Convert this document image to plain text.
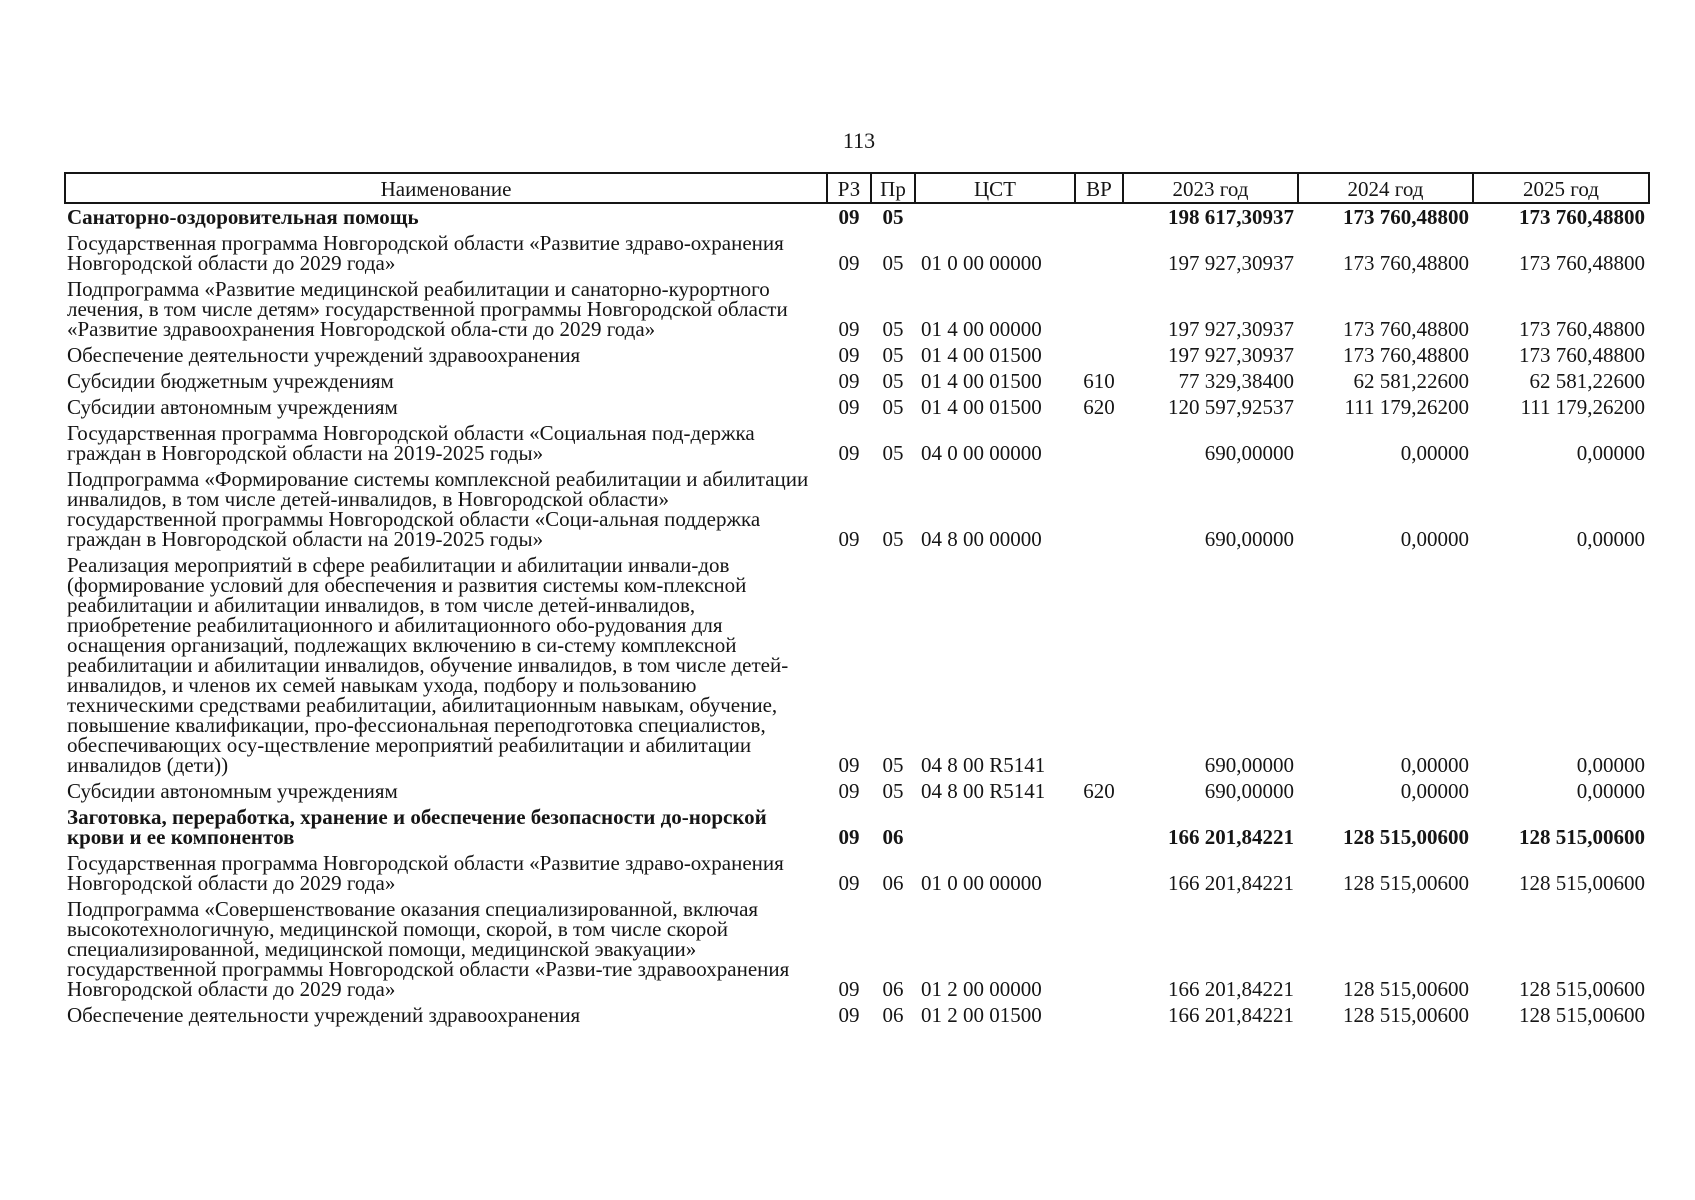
113
Наименование	РЗ	Пр	ЦСТ	ВР	2023 год	2024 год	2025 год
Санаторно-оздоровительная помощь	09	05			198 617,30937	173 760,48800	173 760,48800
Государственная программа Новгородской области «Развитие здраво-охранения Новгородской области до 2029 года»	09	05	01 0 00 00000		197 927,30937	173 760,48800	173 760,48800
Подпрограмма «Развитие медицинской реабилитации и санаторно-курортного лечения, в том числе детям» государственной программы Новгородской области «Развитие здравоохранения Новгородской обла-сти до 2029 года»	09	05	01 4 00 00000		197 927,30937	173 760,48800	173 760,48800
Обеспечение деятельности учреждений здравоохранения	09	05	01 4 00 01500		197 927,30937	173 760,48800	173 760,48800
Субсидии бюджетным учреждениям	09	05	01 4 00 01500	610	77 329,38400	62 581,22600	62 581,22600
Субсидии автономным учреждениям	09	05	01 4 00 01500	620	120 597,92537	111 179,26200	111 179,26200
Государственная программа Новгородской области «Социальная под-держка граждан в Новгородской области на 2019-2025 годы»	09	05	04 0 00 00000		690,00000	0,00000	0,00000
Подпрограмма «Формирование системы комплексной реабилитации и абилитации инвалидов, в том числе детей-инвалидов, в Новгородской области» государственной программы Новгородской области «Соци-альная поддержка граждан в Новгородской области на 2019-2025 годы»	09	05	04 8 00 00000		690,00000	0,00000	0,00000
Реализация мероприятий в сфере реабилитации и абилитации инвали-дов (формирование условий для обеспечения и развития системы ком-плексной реабилитации и абилитации инвалидов, в том числе детей-инвалидов, приобретение реабилитационного и абилитационного обо-рудования для оснащения организаций, подлежащих включению в си-стему комплексной реабилитации и абилитации инвалидов, обучение инвалидов, в том числе детей-инвалидов, и членов их семей навыкам ухода, подбору и пользованию техническими средствами реабилитации, абилитационным навыкам, обучение, повышение квалификации, про-фессиональная переподготовка специалистов, обеспечивающих осу-ществление мероприятий реабилитации и абилитации инвалидов (дети))	09	05	04 8 00 R5141		690,00000	0,00000	0,00000
Субсидии автономным учреждениям	09	05	04 8 00 R5141	620	690,00000	0,00000	0,00000
Заготовка, переработка, хранение и обеспечение безопасности до-норской крови и ее компонентов	09	06			166 201,84221	128 515,00600	128 515,00600
Государственная программа Новгородской области «Развитие здраво-охранения Новгородской области до 2029 года»	09	06	01 0 00 00000		166 201,84221	128 515,00600	128 515,00600
Подпрограмма «Совершенствование оказания специализированной, включая высокотехнологичную, медицинской помощи, скорой, в том числе скорой специализированной, медицинской помощи, медицинской эвакуации» государственной программы Новгородской области «Разви-тие здравоохранения Новгородской области до 2029 года»	09	06	01 2 00 00000		166 201,84221	128 515,00600	128 515,00600
Обеспечение деятельности учреждений здравоохранения	09	06	01 2 00 01500		166 201,84221	128 515,00600	128 515,00600
